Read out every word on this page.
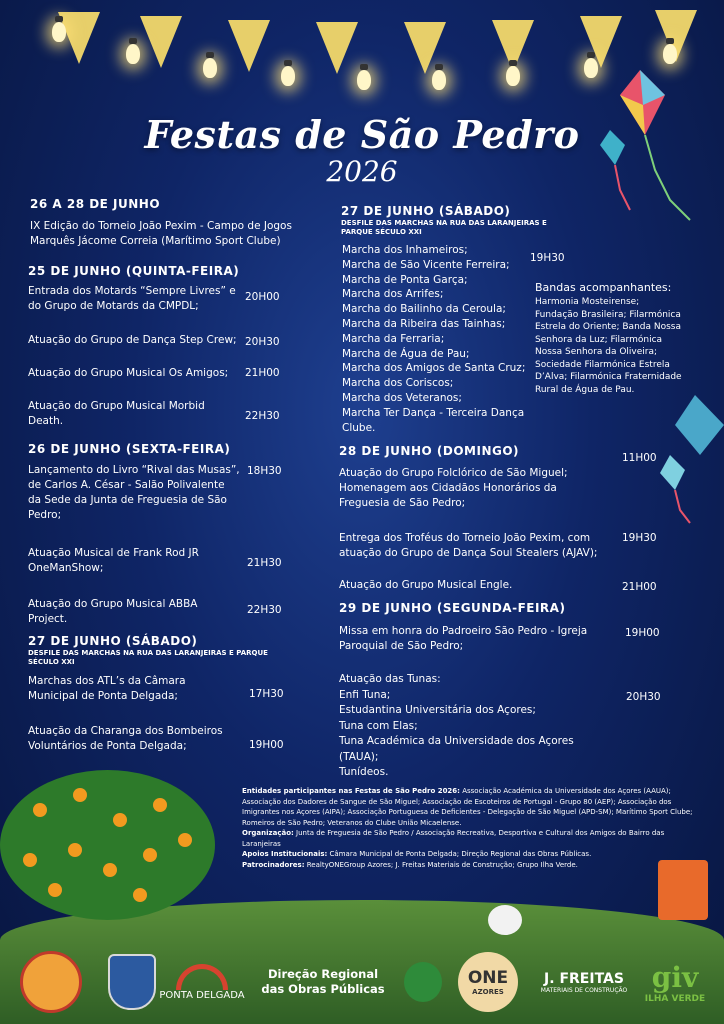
Festas de São Pedro
2026
26 A 28 DE JUNHO
IX Edição do Torneio João Pexim - Campo de Jogos Marquês Jácome Correia (Marítimo Sport Clube)
25 DE JUNHO (QUINTA-FEIRA)
Entrada dos Motards “Sempre Livres” e do Grupo de Motards da CMPDL;
20H00
Atuação do Grupo de Dança Step Crew; 20H30
Atuação do Grupo Musical Os Amigos;	21H00
Atuação do Grupo Musical Morbid Death.	22H30
26 DE JUNHO (SEXTA-FEIRA)
Lançamento do Livro “Rival das Musas”, de Carlos A. César - Salão Polivalente da Sede da Junta de Freguesia de São Pedro;
18H30
Atuação Musical de Frank Rod JR OneManShow;	21H30
Atuação do Grupo Musical ABBA Project.
22H30
27 DE JUNHO (SÁBADO)
DESFILE DAS MARCHAS NA RUA DAS LARANJEIRAS E PARQUE SÉCULO XXI
Marchas dos ATL’s da Câmara Municipal de Ponta Delgada;	17H30
Atuação da Charanga dos Bombeiros Voluntários de Ponta Delgada;	19H00
27 DE JUNHO (SÁBADO)
DESFILE DAS MARCHAS NA RUA DAS LARANJEIRAS E PARQUE SÉCULO XXI
Marcha dos Inhameiros;
Marcha de São Vicente Ferreira;
Marcha de Ponta Garça;
Marcha dos Arrifes;
Marcha do Bailinho da Ceroula;
Marcha da Ribeira das Tainhas;
Marcha da Ferraria;
Marcha de Água de Pau;
Marcha dos Amigos de Santa Cruz;
Marcha dos Coriscos;
Marcha dos Veteranos;
Marcha Ter Dança - Terceira Dança Clube.
19H30
Bandas acompanhantes:
Harmonia Mosteirense; Fundação Brasileira; Filarmónica Estrela do Oriente; Banda Nossa Senhora da Luz; Filarmónica Nossa Senhora da Oliveira; Sociedade Filarmónica Estrela D’Alva; Filarmónica Fraternidade Rural de Água de Pau.
28 DE JUNHO (DOMINGO)
Atuação do Grupo Folclórico de São Miguel; Homenagem aos Cidadãos Honorários da Freguesia de São Pedro;
11H00
Entrega dos Troféus do Torneio João Pexim, com atuação do Grupo de Dança Soul Stealers (AJAV);
19H30
Atuação do Grupo Musical Engle.	21H00
29 DE JUNHO (SEGUNDA-FEIRA)
Missa em honra do Padroeiro São Pedro - Igreja Paroquial de São Pedro;
19H00
Atuação das Tunas:
Enfi Tuna;
Estudantina Universitária dos Açores;
Tuna com Elas;
Tuna Académica da Universidade dos Açores (TAUA);
Tunídeos.
20H30
Entidades participantes nas Festas de São Pedro 2026: Associação Académica da Universidade dos Açores (AAUA); Associação dos Dadores de Sangue de São Miguel; Associação de Escoteiros de Portugal - Grupo 80 (AEP); Associação dos Imigrantes nos Açores (AIPA); Associação Portuguesa de Deficientes - Delegação de São Miguel (APD-SM); Marítimo Sport Clube; Romeiros de São Pedro; Veteranos do Clube União Micaelense.
Organização: Junta de Freguesia de São Pedro / Associação Recreativa, Desportiva e Cultural dos Amigos do Bairro das Laranjeiras
Apoios Institucionais: Câmara Municipal de Ponta Delgada; Direção Regional das Obras Públicas.
Patrocinadores: RealtyONEGroup Azores; J. Freitas Materiais de Construção; Grupo Ilha Verde.
PONTA DELGADA
Direção Regional
das Obras Públicas
ONE
AZORES
J. FREITAS
MATERIAIS DE CONSTRUÇÃO giv
ILHA VERDE
